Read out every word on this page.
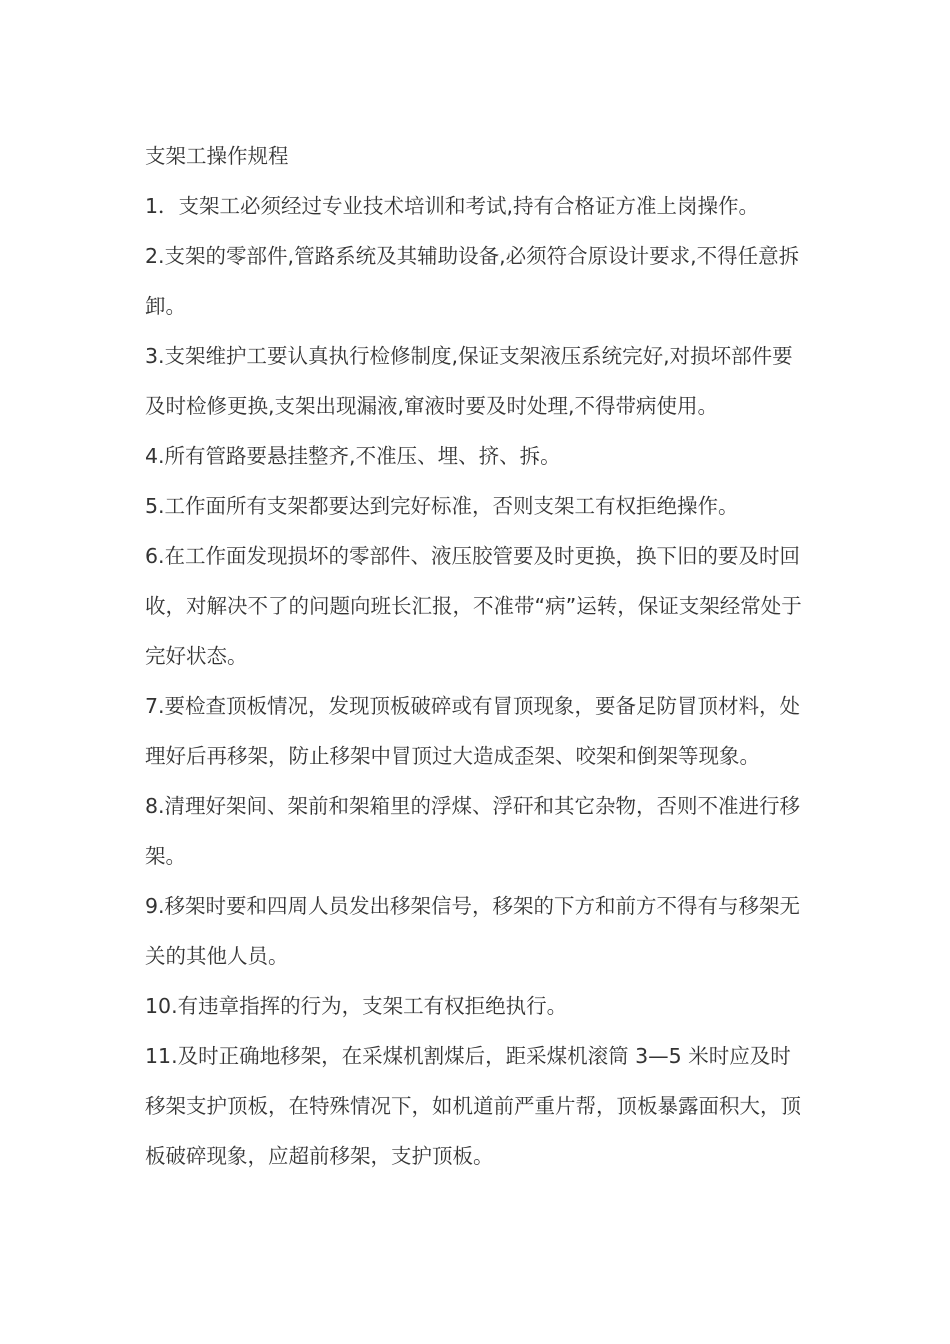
支架工操作规程

1．支架工必须经过专业技术培训和考试,持有合格证方准上岗操作。

2.支架的零部件,管路系统及其辅助设备,必须符合原设计要求,不得任意拆卸。

3.支架维护工要认真执行检修制度,保证支架液压系统完好,对损坏部件要及时检修更换,支架出现漏液,窜液时要及时处理,不得带病使用。

4.所有管路要悬挂整齐,不准压、埋、挤、拆。

5.工作面所有支架都要达到完好标准，否则支架工有权拒绝操作。

6.在工作面发现损坏的零部件、液压胶管要及时更换，换下旧的要及时回收，对解决不了的问题向班长汇报，不准带“病”运转，保证支架经常处于完好状态。

7.要检查顶板情况，发现顶板破碎或有冒顶现象，要备足防冒顶材料，处理好后再移架，防止移架中冒顶过大造成歪架、咬架和倒架等现象。

8.清理好架间、架前和架箱里的浮煤、浮矸和其它杂物，否则不准进行移架。

9.移架时要和四周人员发出移架信号，移架的下方和前方不得有与移架无关的其他人员。

10.有违章指挥的行为，支架工有权拒绝执行。

11.及时正确地移架，在采煤机割煤后，距采煤机滚筒 3—5 米时应及时移架支护顶板，在特殊情况下，如机道前严重片帮，顶板暴露面积大，顶板破碎现象，应超前移架，支护顶板。
